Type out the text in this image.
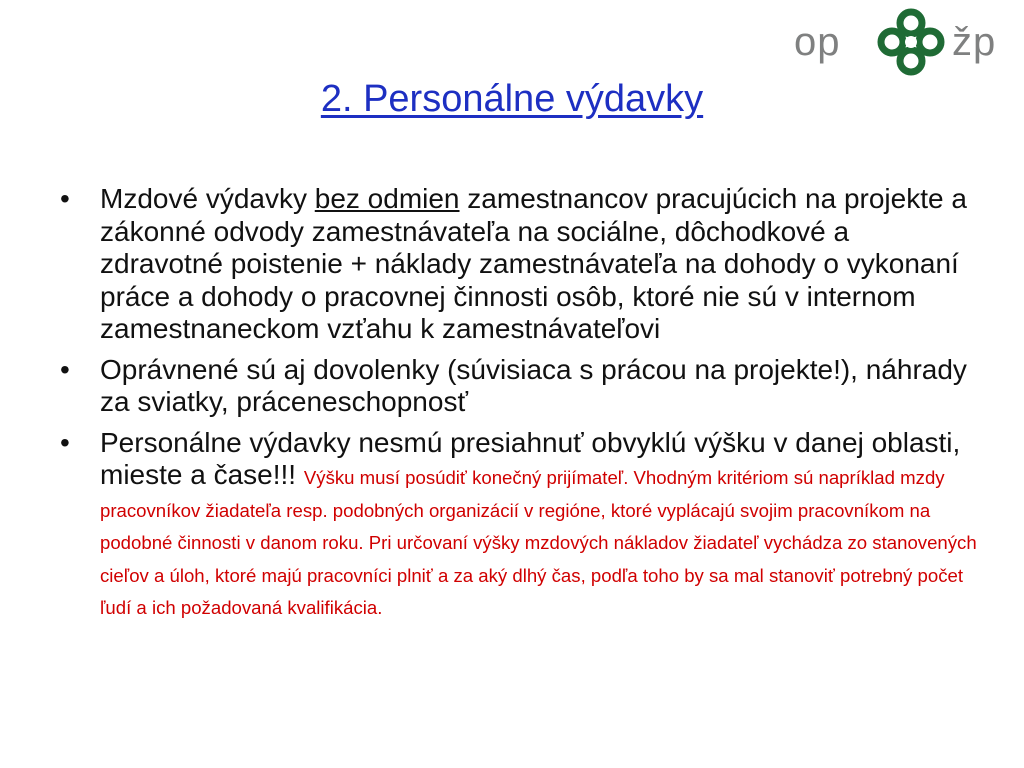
op	žp
2. Personálne výdavky
• Mzdové výdavky bez odmien zamestnancov pracujúcich na projekte a zákonné odvody zamestnávateľa na sociálne, dôchodkové a zdravotné poistenie + náklady zamestnávateľa na dohody o vykonaní práce a dohody o pracovnej činnosti osôb, ktoré nie sú v internom zamestnaneckom vzťahu k zamestnávateľovi
• Oprávnené sú aj dovolenky (súvisiaca s prácou na projekte!), náhrady za sviatky, práceneschopnosť
• Personálne výdavky nesmú presiahnuť obvyklú výšku v danej oblasti, mieste a čase!!! Výšku musí posúdiť konečný prijímateľ. Vhodným kritériom sú napríklad mzdy pracovníkov žiadateľa resp. podobných organizácií v regióne, ktoré vyplácajú svojim pracovníkom na podobné činnosti v danom roku. Pri určovaní výšky mzdových nákladov žiadateľ vychádza zo stanovených cieľov a úloh, ktoré majú pracovníci plniť a za aký dlhý čas, podľa toho by sa mal stanoviť potrebný počet ľudí a ich požadovaná kvalifikácia.
